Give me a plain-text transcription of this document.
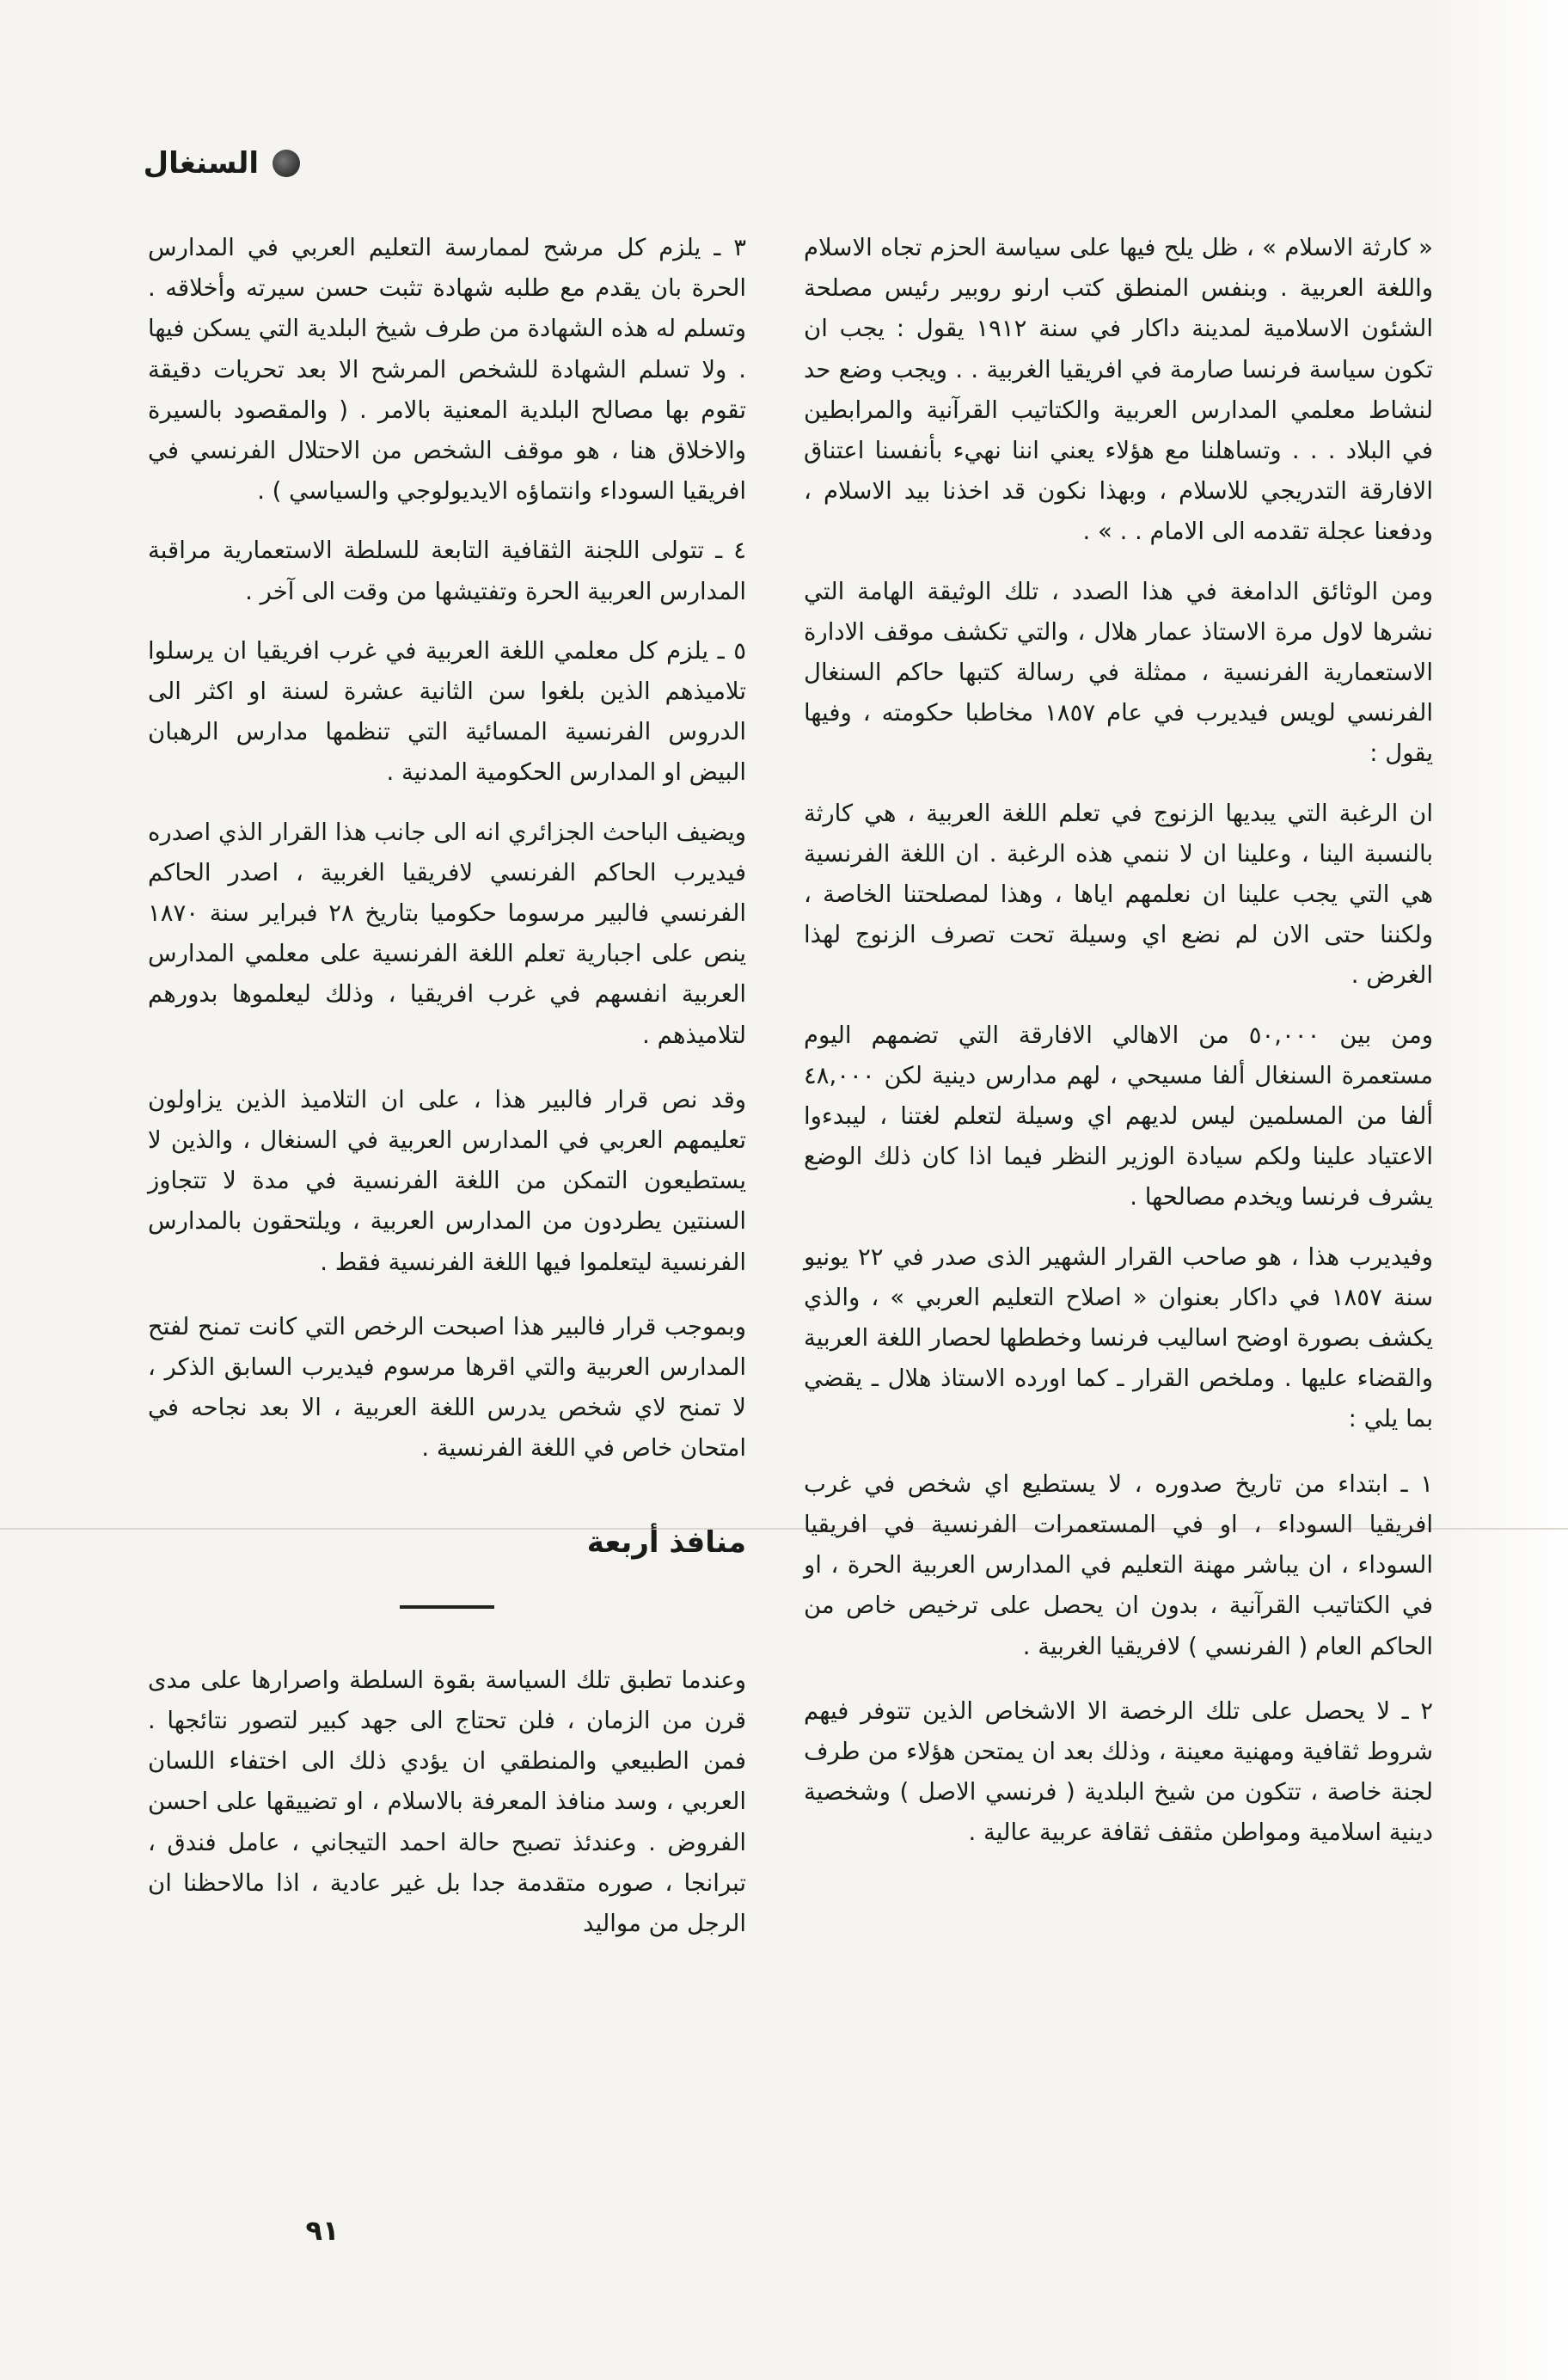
السنغال

« كارثة الاسلام » ، ظل يلح فيها على سياسة الحزم تجاه الاسلام واللغة العربية . وبنفس المنطق كتب ارنو روبير رئيس مصلحة الشئون الاسلامية لمدينة داكار في سنة ١٩١٢ يقول : يجب ان تكون سياسة فرنسا صارمة في افريقيا الغربية . . ويجب وضع حد لنشاط معلمي المدارس العربية والكتاتيب القرآنية والمرابطين في البلاد . . . وتساهلنا مع هؤلاء يعني اننا نهيء بأنفسنا اعتناق الافارقة التدريجي للاسلام ، وبهذا نكون قد اخذنا بيد الاسلام ، ودفعنا عجلة تقدمه الى الامام . . » .

ومن الوثائق الدامغة في هذا الصدد ، تلك الوثيقة الهامة التي نشرها لاول مرة الاستاذ عمار هلال ، والتي تكشف موقف الادارة الاستعمارية الفرنسية ، ممثلة في رسالة كتبها حاكم السنغال الفرنسي لويس فيديرب في عام ١٨٥٧ مخاطبا حكومته ، وفيها يقول :

ان الرغبة التي يبديها الزنوج في تعلم اللغة العربية ، هي كارثة بالنسبة الينا ، وعلينا ان لا ننمي هذه الرغبة . ان اللغة الفرنسية هي التي يجب علينا ان نعلمهم اياها ، وهذا لمصلحتنا الخاصة ، ولكننا حتى الان لم نضع اي وسيلة تحت تصرف الزنوج لهذا الغرض .

ومن بين ٥٠,٠٠٠ من الاهالي الافارقة التي تضمهم اليوم مستعمرة السنغال ألفا مسيحي ، لهم مدارس دينية لكن ٤٨,٠٠٠ ألفا من المسلمين ليس لديهم اي وسيلة لتعلم لغتنا ، ليبدءوا الاعتياد علينا ولكم سيادة الوزير النظر فيما اذا كان ذلك الوضع يشرف فرنسا ويخدم مصالحها .

وفيديرب هذا ، هو صاحب القرار الشهير الذى صدر في ٢٢ يونيو سنة ١٨٥٧ في داكار بعنوان « اصلاح التعليم العربي » ، والذي يكشف بصورة اوضح اساليب فرنسا وخططها لحصار اللغة العربية والقضاء عليها . وملخص القرار ـ كما اورده الاستاذ هلال ـ يقضي بما يلي :

١ ـ ابتداء من تاريخ صدوره ، لا يستطيع اي شخص في غرب افريقيا السوداء ، او في المستعمرات الفرنسية في افريقيا السوداء ، ان يباشر مهنة التعليم في المدارس العربية الحرة ، او في الكتاتيب القرآنية ، بدون ان يحصل على ترخيص خاص من الحاكم العام ( الفرنسي ) لافريقيا الغربية .

٢ ـ لا يحصل على تلك الرخصة الا الاشخاص الذين تتوفر فيهم شروط ثقافية ومهنية معينة ، وذلك بعد ان يمتحن هؤلاء من طرف لجنة خاصة ، تتكون من شيخ البلدية ( فرنسي الاصل ) وشخصية دينية اسلامية ومواطن مثقف ثقافة عربية عالية .

٣ ـ يلزم كل مرشح لممارسة التعليم العربي في المدارس الحرة بان يقدم مع طلبه شهادة تثبت حسن سيرته وأخلاقه . وتسلم له هذه الشهادة من طرف شيخ البلدية التي يسكن فيها . ولا تسلم الشهادة للشخص المرشح الا بعد تحريات دقيقة تقوم بها مصالح البلدية المعنية بالامر . ( والمقصود بالسيرة والاخلاق هنا ، هو موقف الشخص من الاحتلال الفرنسي في افريقيا السوداء وانتماؤه الايديولوجي والسياسي ) .

٤ ـ تتولى اللجنة الثقافية التابعة للسلطة الاستعمارية مراقبة المدارس العربية الحرة وتفتيشها من وقت الى آخر .

٥ ـ يلزم كل معلمي اللغة العربية في غرب افريقيا ان يرسلوا تلاميذهم الذين بلغوا سن الثانية عشرة لسنة او اكثر الى الدروس الفرنسية المسائية التي تنظمها مدارس الرهبان البيض او المدارس الحكومية المدنية .

ويضيف الباحث الجزائري انه الى جانب هذا القرار الذي اصدره فيديرب الحاكم الفرنسي لافريقيا الغربية ، اصدر الحاكم الفرنسي فالبير مرسوما حكوميا بتاريخ ٢٨ فبراير سنة ١٨٧٠ ينص على اجبارية تعلم اللغة الفرنسية على معلمي المدارس العربية انفسهم في غرب افريقيا ، وذلك ليعلموها بدورهم لتلاميذهم .

وقد نص قرار فالبير هذا ، على ان التلاميذ الذين يزاولون تعليمهم العربي في المدارس العربية في السنغال ، والذين لا يستطيعون التمكن من اللغة الفرنسية في مدة لا تتجاوز السنتين يطردون من المدارس العربية ، ويلتحقون بالمدارس الفرنسية ليتعلموا فيها اللغة الفرنسية فقط .

وبموجب قرار فالبير هذا اصبحت الرخص التي كانت تمنح لفتح المدارس العربية والتي اقرها مرسوم فيديرب السابق الذكر ، لا تمنح لاي شخص يدرس اللغة العربية ، الا بعد نجاحه في امتحان خاص في اللغة الفرنسية .

منافذ أربعة

وعندما تطبق تلك السياسة بقوة السلطة واصرارها على مدى قرن من الزمان ، فلن تحتاج الى جهد كبير لتصور نتائجها . فمن الطبيعي والمنطقي ان يؤدي ذلك الى اختفاء اللسان العربي ، وسد منافذ المعرفة بالاسلام ، او تضييقها على احسن الفروض . وعندئذ تصبح حالة احمد التيجاني ، عامل فندق ، تبرانجا ، صوره متقدمة جدا بل غير عادية ، اذا مالاحظنا ان الرجل من مواليد

٩١
